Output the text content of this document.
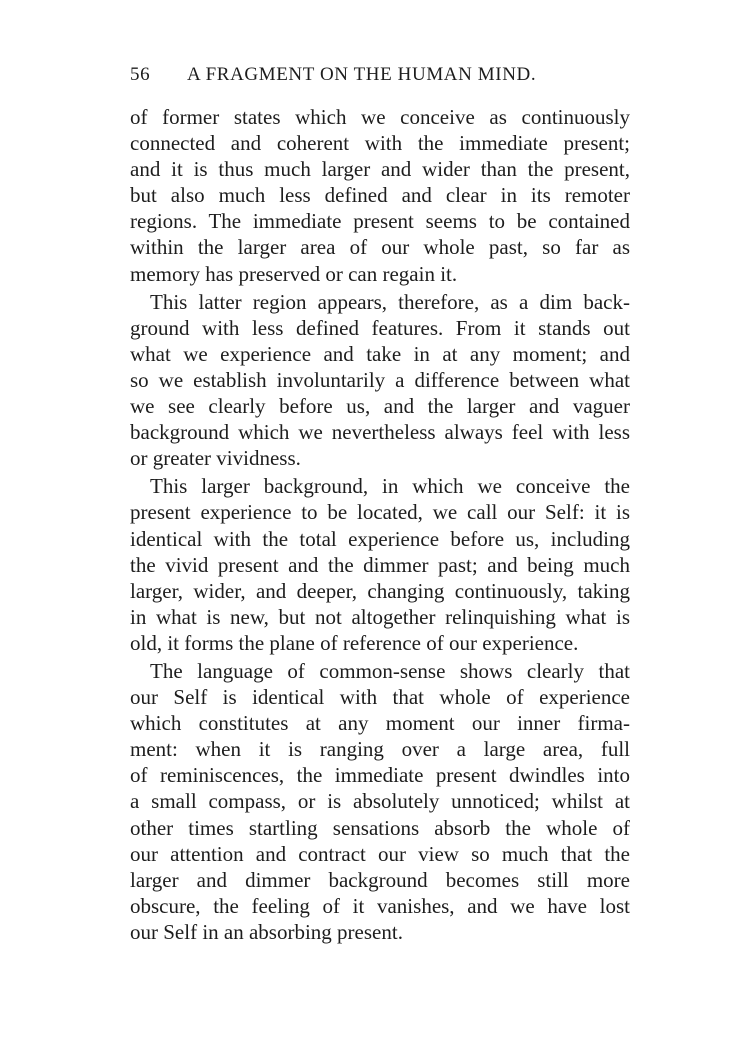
56 A FRAGMENT ON THE HUMAN MIND.
of former states which we conceive as continuously
connected and coherent with the immediate present;
and it is thus much larger and wider than the present,
but also much less defined and clear in its remoter
regions. The immediate present seems to be contained
within the larger area of our whole past, so far as
memory has preserved or can regain it.
This latter region appears, therefore, as a dim back-
ground with less defined features. From it stands out
what we experience and take in at any moment; and
so we establish involuntarily a difference between what
we see clearly before us, and the larger and vaguer
background which we nevertheless always feel with less
or greater vividness.
This larger background, in which we conceive the
present experience to be located, we call our Self: it is
identical with the total experience before us, including
the vivid present and the dimmer past; and being much
larger, wider, and deeper, changing continuously, taking
in what is new, but not altogether relinquishing what is
old, it forms the plane of reference of our experience.
The language of common-sense shows clearly that
our Self is identical with that whole of experience
which constitutes at any moment our inner firma-
ment: when it is ranging over a large area, full
of reminiscences, the immediate present dwindles into
a small compass, or is absolutely unnoticed; whilst at
other times startling sensations absorb the whole of
our attention and contract our view so much that the
larger and dimmer background becomes still more
obscure, the feeling of it vanishes, and we have lost
our Self in an absorbing present.
